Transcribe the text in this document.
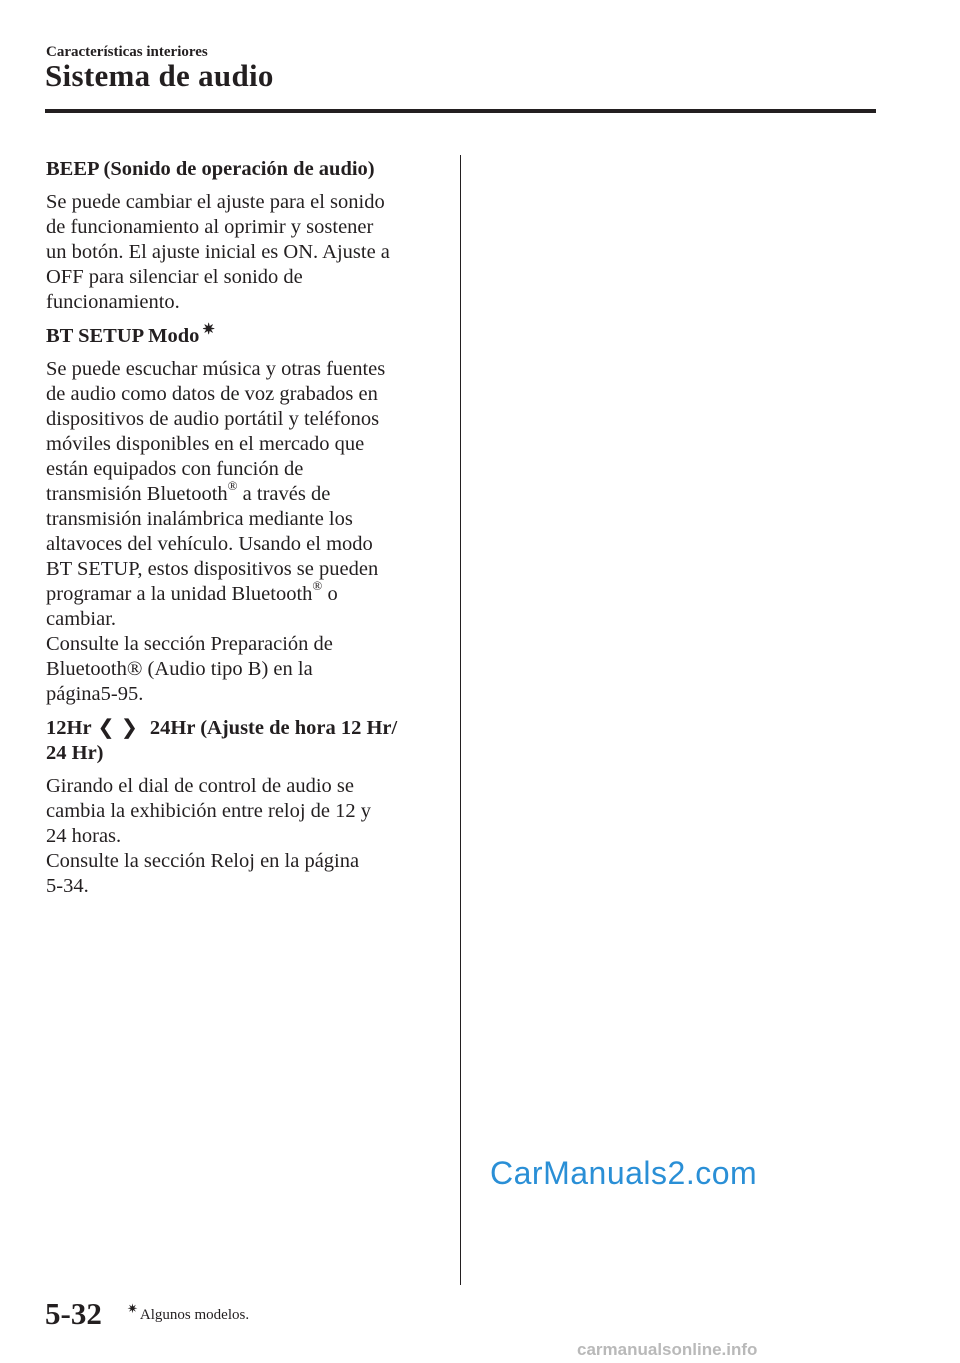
Características interiores
Sistema de audio
BEEP (Sonido de operación de audio)

Se puede cambiar el ajuste para el sonido
de funcionamiento al oprimir y sostener
un botón. El ajuste inicial es ON. Ajuste a
OFF para silenciar el sonido de
funcionamiento.

BT SETUP Modo ✷

Se puede escuchar música y otras fuentes
de audio como datos de voz grabados en
dispositivos de audio portátil y teléfonos
móviles disponibles en el mercado que
están equipados con función de
transmisión Bluetooth® a través de
transmisión inalámbrica mediante los
altavoces del vehículo. Usando el modo
BT SETUP, estos dispositivos se pueden
programar a la unidad Bluetooth® o
cambiar.
Consulte la sección Preparación de
Bluetooth® (Audio tipo B) en la
página5-95.

12Hr ❮❯ 24Hr (Ajuste de hora 12 Hr/
24 Hr)

Girando el dial de control de audio se
cambia la exhibición entre reloj de 12 y
24 horas.
Consulte la sección Reloj en la página
5-34.

CarManuals2.com
5-32 ✷ Algunos modelos.
carmanualsonline.info
